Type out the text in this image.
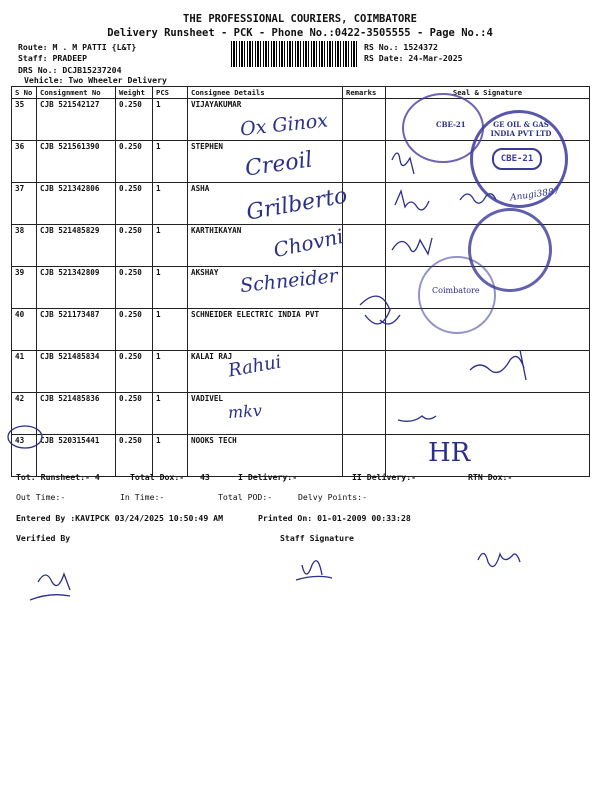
THE PROFESSIONAL COURIERS, COIMBATORE
Delivery Runsheet - PCK - Phone No.:0422-3505555 - Page No.:4
Route: M . M PATTI {L&T}
Staff: PRADEEP
DRS No.: DCJB15237204
Vehicle: Two Wheeler Delivery
RS No.: 1524372
RS Date: 24-Mar-2025
S No	Consignment No	Weight	PCS	Consignee Details	Remarks	Seal & Signature
35	CJB 521542127	0.250	1	VIJAYAKUMAR		
36	CJB 521561390	0.250	1	STEPHEN		
37	CJB 521342806	0.250	1	ASHA		
38	CJB 521485829	0.250	1	KARTHIKAYAN		
39	CJB 521342809	0.250	1	AKSHAY		
40	CJB 521173487	0.250	1	SCHNEIDER ELECTRIC INDIA PVT		
41	CJB 521485834	0.250	1	KALAI RAJ		
42	CJB 521485836	0.250	1	VADIVEL		
43	CJB 520315441	0.250	1	NOOKS TECH		
Ox Ginox
Creoil
Grilberto
Chovni
Schneider
Rahui
mkv
HR
Anugi3887
CBE-21	GE OIL & GAS INDIA PVT LTD
CBE-21
Coimbatore
Tot. Runsheet:- 4	Total Dox:- 43	I Delivery:-	II Delivery:-	RTN Dox:-
Out Time:-	In Time:-	Total POD:-	Delvy Points:-
Entered By :KAVIPCK 03/24/2025 10:50:49 AM	Printed On: 01-01-2009 00:33:28
Verified By	Staff Signature
